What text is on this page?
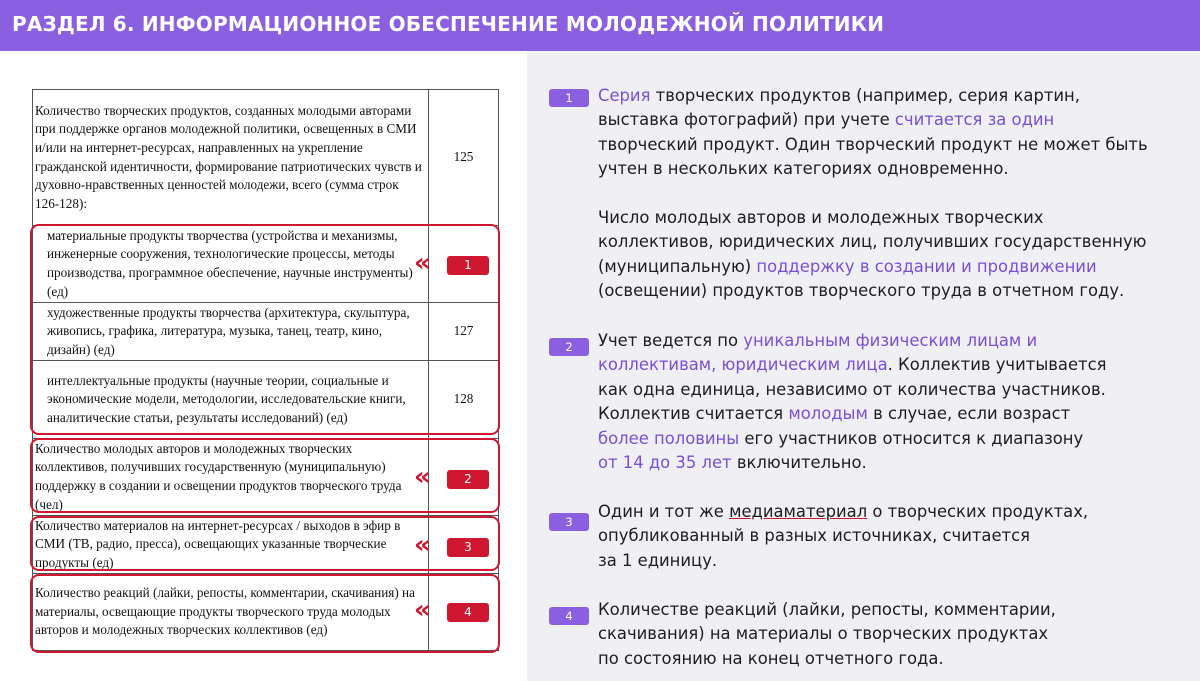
РАЗДЕЛ 6. ИНФОРМАЦИОННОЕ ОБЕСПЕЧЕНИЕ МОЛОДЕЖНОЙ ПОЛИТИКИ
Количество творческих продуктов, созданных молодыми авторами при поддержке органов молодежной политики, освещенных в СМИ и/или на интернет-ресурсах, направленных на укрепление гражданской идентичности, формирование патриотических чувств и духовно-нравственных ценностей молодежи, всего (сумма строк 126-128):	125
материальные продукты творчества (устройства и механизмы, инженерные сооружения, технологические процессы, методы производства, программное обеспечение, научные инструменты) (ед)	
художественные продукты творчества (архитектура, скульптура, живопись, графика, литература, музыка, танец, театр, кино, дизайн) (ед)	127
интеллектуальные продукты (научные теории, социальные и экономические модели, методологии, исследовательские книги, аналитические статьи, результаты исследований) (ед)	128
Количество молодых авторов и молодежных творческих коллективов, получивших государственную (муниципальную) поддержку в создании и освещении продуктов творческого труда (чел)	
Количество материалов на интернет-ресурсах / выходов в эфир в СМИ (ТВ, радио, пресса), освещающих указанные творческие продукты (ед)	
Количество реакций (лайки, репосты, комментарии, скачивания) на материалы, освещающие продукты творческого труда молодых авторов и молодежных творческих коллективов (ед)	
«	1
«	2
«	3
«	4
1
2
3
4
Серия творческих продуктов (например, серия картин,
выставка фотографий) при учете считается за один
творческий продукт. Один творческий продукт не может быть
учтен в нескольких категориях одновременно.
Число молодых авторов и молодежных творческих
коллективов, юридических лиц, получивших государственную
(муниципальную) поддержку в создании и продвижении
(освещении) продуктов творческого труда в отчетном году.
Учет ведется по уникальным физическим лицам и
коллективам, юридическим лица. Коллектив учитывается
как одна единица, независимо от количества участников.
Коллектив считается молодым в случае, если возраст
более половины его участников относится к диапазону
от 14 до 35 лет включительно.
Один и тот же медиаматериал о творческих продуктах,
опубликованный в разных источниках, считается
за 1 единицу.
Количестве реакций (лайки, репосты, комментарии,
скачивания) на материалы о творческих продуктах
по состоянию на конец отчетного года.
